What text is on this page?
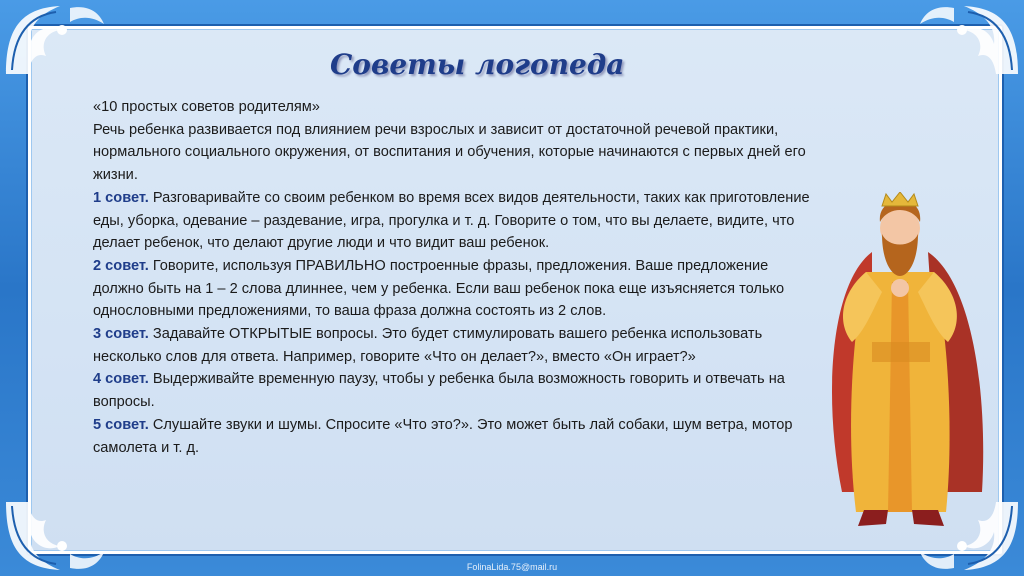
Советы логопеда

«10 простых советов родителям»

Речь ребенка развивается под влиянием речи взрослых и зависит от достаточной речевой практики, нормального социального окружения, от воспитания и обучения, которые начинаются с первых дней его жизни.

1 совет. Разговаривайте со своим ребенком во время всех видов деятельности, таких как приготовление еды, уборка, одевание – раздевание, игра, прогулка и т. д. Говорите о том, что вы делаете, видите, что делает ребенок, что делают другие люди и что видит ваш ребенок.

2 совет. Говорите, используя ПРАВИЛЬНО построенные фразы, предложения. Ваше предложение должно быть на 1 – 2 слова длиннее, чем у ребенка. Если ваш ребенок пока еще изъясняется только однословными предложениями, то ваша фраза должна состоять из 2 слов.

3 совет. Задавайте ОТКРЫТЫЕ вопросы. Это будет стимулировать вашего ребенка использовать несколько слов для ответа. Например, говорите «Что он делает?», вместо «Он играет?»

4 совет. Выдерживайте временную паузу, чтобы у ребенка была возможность говорить и отвечать на вопросы.

5 совет. Слушайте звуки и шумы. Спросите «Что это?». Это может быть лай собаки, шум ветра, мотор самолета и т. д.

FolinaLida.75@mail.ru
